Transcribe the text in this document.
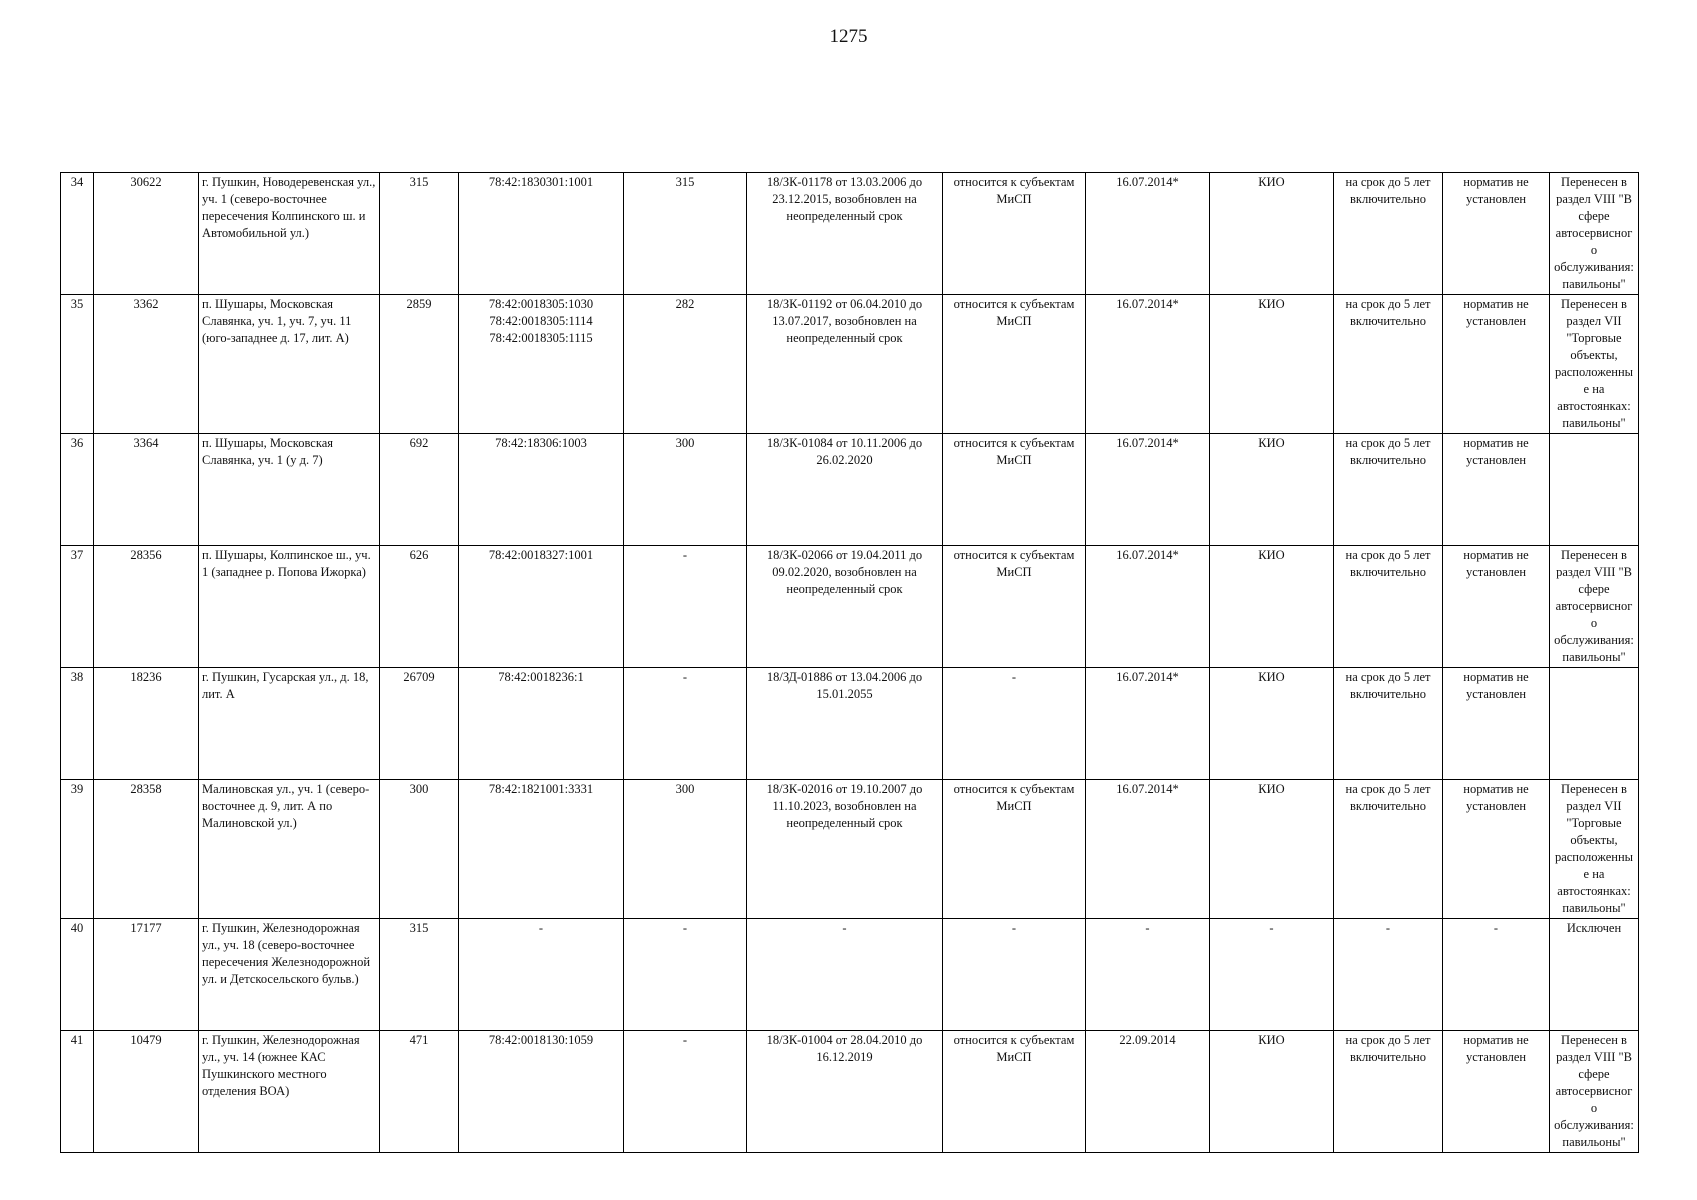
1275
34	30622	г. Пушкин, Новодеревенская ул., уч. 1 (северо-восточнее пересечения Колпинского ш. и Автомобильной ул.)	315	78:42:1830301:1001	315	18/ЗК-01178 от 13.03.2006 до 23.12.2015, возобновлен на неопределенный срок	относится к субъектам МиСП	16.07.2014*	КИО	на срок до 5 лет включительно	норматив не установлен	Перенесен в раздел VIII "В сфере автосервисного обслуживания: павильоны"
35	3362	п. Шушары, Московская Славянка, уч. 1, уч. 7, уч. 11 (юго-западнее д. 17, лит. А)	2859	78:42:0018305:1030 78:42:0018305:1114 78:42:0018305:1115	282	18/ЗК-01192 от 06.04.2010 до 13.07.2017, возобновлен на неопределенный срок	относится к субъектам МиСП	16.07.2014*	КИО	на срок до 5 лет включительно	норматив не установлен	Перенесен в раздел VII "Торговые объекты, расположенные на автостоянках: павильоны"
36	3364	п. Шушары, Московская Славянка, уч. 1 (у д. 7)	692	78:42:18306:1003	300	18/ЗК-01084 от 10.11.2006 до 26.02.2020	относится к субъектам МиСП	16.07.2014*	КИО	на срок до 5 лет включительно	норматив не установлен	
37	28356	п. Шушары, Колпинское ш., уч. 1 (западнее р. Попова Ижорка)	626	78:42:0018327:1001	-	18/ЗК-02066 от 19.04.2011 до 09.02.2020, возобновлен на неопределенный срок	относится к субъектам МиСП	16.07.2014*	КИО	на срок до 5 лет включительно	норматив не установлен	Перенесен в раздел VIII "В сфере автосервисного обслуживания: павильоны"
38	18236	г. Пушкин, Гусарская ул., д. 18, лит. А	26709	78:42:0018236:1	-	18/ЗД-01886 от 13.04.2006 до 15.01.2055	-	16.07.2014*	КИО	на срок до 5 лет включительно	норматив не установлен	
39	28358	Малиновская ул., уч. 1 (северо-восточнее д. 9, лит. А по Малиновской ул.)	300	78:42:1821001:3331	300	18/ЗК-02016 от 19.10.2007 до 11.10.2023, возобновлен на неопределенный срок	относится к субъектам МиСП	16.07.2014*	КИО	на срок до 5 лет включительно	норматив не установлен	Перенесен в раздел VII "Торговые объекты, расположенные на автостоянках: павильоны"
40	17177	г. Пушкин, Железнодорожная ул., уч. 18 (северо-восточнее пересечения Железнодорожной ул. и Детскосельского бульв.)	315	-	-	-	-	-	-	-	-	Исключен
41	10479	г. Пушкин, Железнодорожная ул., уч. 14 (южнее КАС Пушкинского местного отделения ВОА)	471	78:42:0018130:1059	-	18/ЗК-01004 от 28.04.2010 до 16.12.2019	относится к субъектам МиСП	22.09.2014	КИО	на срок до 5 лет включительно	норматив не установлен	Перенесен в раздел VIII "В сфере автосервисного обслуживания: павильоны"
